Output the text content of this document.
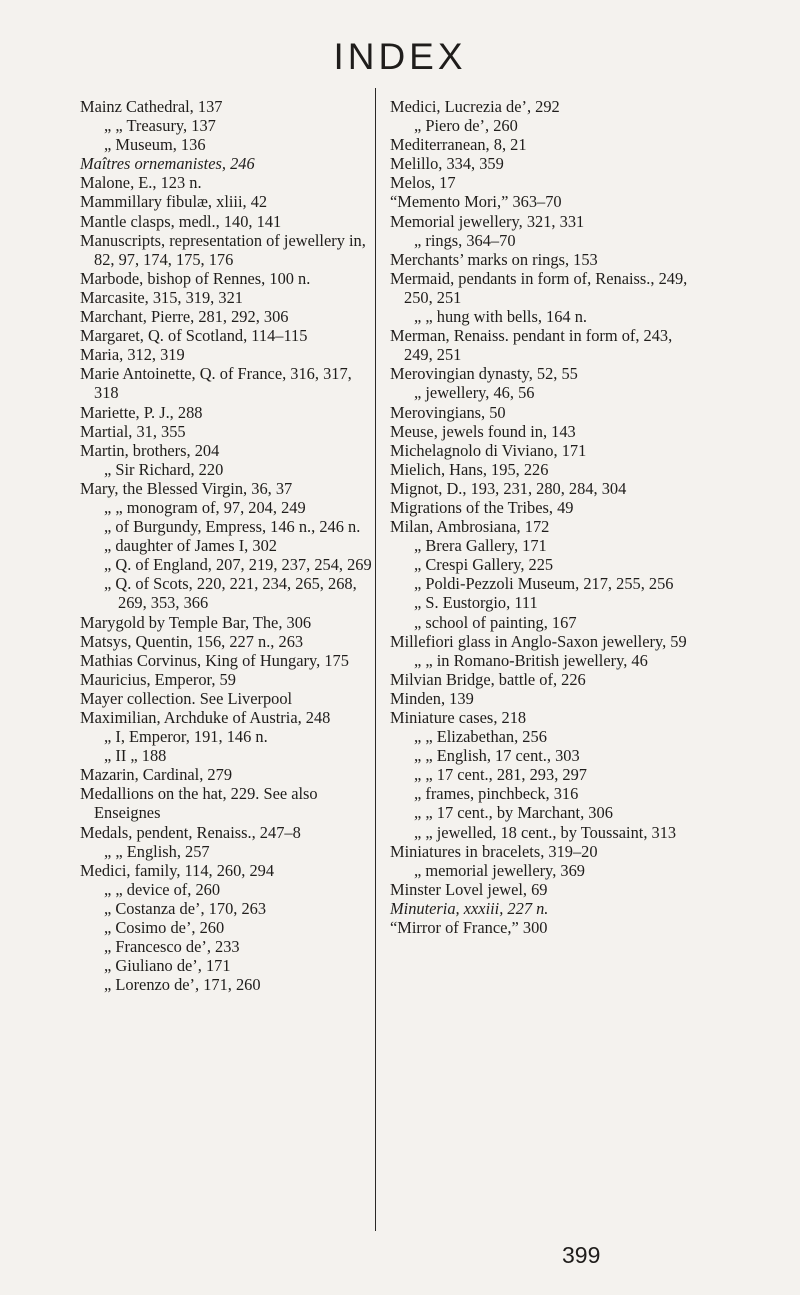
INDEX

Mainz Cathedral, 137

„ „ Treasury, 137

„ Museum, 136

Maîtres ornemanistes, 246

Malone, E., 123 n.

Mammillary fibulæ, xliii, 42

Mantle clasps, medl., 140, 141

Manuscripts, representation of jewellery in, 82, 97, 174, 175, 176

Marbode, bishop of Rennes, 100 n.

Marcasite, 315, 319, 321

Marchant, Pierre, 281, 292, 306

Margaret, Q. of Scotland, 114–115

Maria, 312, 319

Marie Antoinette, Q. of France, 316, 317, 318

Mariette, P. J., 288

Martial, 31, 355

Martin, brothers, 204

„ Sir Richard, 220

Mary, the Blessed Virgin, 36, 37

„ „ monogram of, 97, 204, 249

„ of Burgundy, Empress, 146 n., 246 n.

„ daughter of James I, 302

„ Q. of England, 207, 219, 237, 254, 269

„ Q. of Scots, 220, 221, 234, 265, 268, 269, 353, 366

Marygold by Temple Bar, The, 306

Matsys, Quentin, 156, 227 n., 263

Mathias Corvinus, King of Hungary, 175

Mauricius, Emperor, 59

Mayer collection. See Liverpool

Maximilian, Archduke of Austria, 248

„ I, Emperor, 191, 146 n.

„ II „ 188

Mazarin, Cardinal, 279

Medallions on the hat, 229. See also Enseignes

Medals, pendent, Renaiss., 247–8

„ „ English, 257

Medici, family, 114, 260, 294

„ „ device of, 260

„ Costanza de’, 170, 263

„ Cosimo de’, 260

„ Francesco de’, 233

„ Giuliano de’, 171

„ Lorenzo de’, 171, 260

Medici, Lucrezia de’, 292

„ Piero de’, 260

Mediterranean, 8, 21

Melillo, 334, 359

Melos, 17

“Memento Mori,” 363–70

Memorial jewellery, 321, 331

„ rings, 364–70

Merchants’ marks on rings, 153

Mermaid, pendants in form of, Renaiss., 249, 250, 251

„ „ hung with bells, 164 n.

Merman, Renaiss. pendant in form of, 243, 249, 251

Merovingian dynasty, 52, 55

„ jewellery, 46, 56

Merovingians, 50

Meuse, jewels found in, 143

Michelagnolo di Viviano, 171

Mielich, Hans, 195, 226

Mignot, D., 193, 231, 280, 284, 304

Migrations of the Tribes, 49

Milan, Ambrosiana, 172

„ Brera Gallery, 171

„ Crespi Gallery, 225

„ Poldi-Pezzoli Museum, 217, 255, 256

„ S. Eustorgio, 111

„ school of painting, 167

Millefiori glass in Anglo-Saxon jewellery, 59

„ „ in Romano-British jewellery, 46

Milvian Bridge, battle of, 226

Minden, 139

Miniature cases, 218

„ „ Elizabethan, 256

„ „ English, 17 cent., 303

„ „ 17 cent., 281, 293, 297

„ frames, pinchbeck, 316

„ „ 17 cent., by Marchant, 306

„ „ jewelled, 18 cent., by Toussaint, 313

Miniatures in bracelets, 319–20

„ memorial jewellery, 369

Minster Lovel jewel, 69

Minuteria, xxxiii, 227 n.

“Mirror of France,” 300

399
